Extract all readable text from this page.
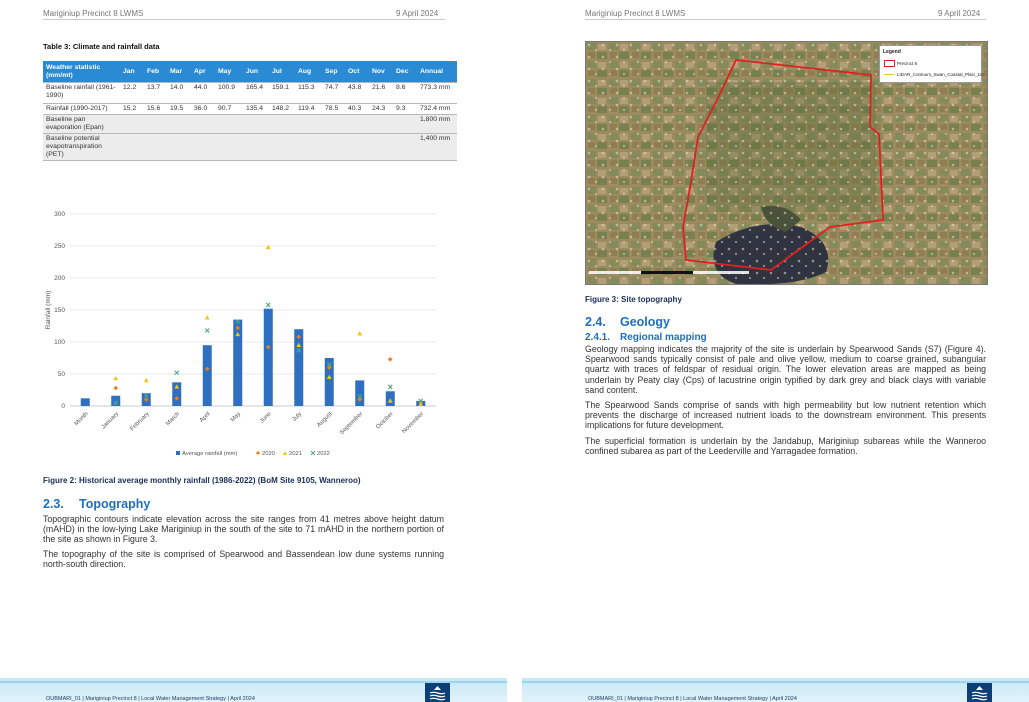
Mariginiup Precinct 8 LWMS	9 April 2024
Table 3: Climate and rainfall data
Weather statistic (mm/mt)	Jan	Feb	Mar	Apr	May	Jun	Jul	Aug	Sep	Oct	Nov	Dec	Annual
Baseline rainfall (1961-1990)	12.2	13.7	14.0	44.0	100.9	165.4	159.1	115.3	74.7	43.8	21.6	8.6	773.3 mm
Rainfall (1990-2017)	15.2	15.6	19.5	36.0	90.7	135.4	148.2	119.4	78.5	40.3	24.3	9.3	732.4 mm
Baseline pan evaporation (Epan)													1,800 mm
Baseline potential evapotranspiration (PET)													1,400 mm
0
50
100
150
200
250
300
Rainfall (mm)
Month January February March	April	May	June	July August September October November
Average rainfall (mm)	2020 2021	2022
Figure 2: Historical average monthly rainfall (1986-2022) (BoM Site 9105, Wanneroo)
2.3. Topography
Topographic contours indicate elevation across the site ranges from 41 metres above height datum (mAHD) in the low-lying Lake Mariginiup in the south of the site to 71 mAHD in the northern portion of the site as shown in Figure 3.
The topography of the site is comprised of Spearwood and Bassendean low dune systems running north-south direction.
OUBMARI_01 | Mariginiup Precinct 8 | Local Water Management Strategy | April 2024
Mariginiup Precinct 8 LWMS	9 April 2024
OUBMARI_01 | Mariginiup Precinct 8 | Local Water Management Strategy | April 2024
Legend
Precinct 8
LIDAR_Contours_Swan_Coastal_Plain_1m
Figure 3: Site topography
2.4. Geology
2.4.1. Regional mapping
Geology mapping indicates the majority of the site is underlain by Spearwood Sands (S7) (Figure 4). Spearwood sands typically consist of pale and olive yellow, medium to coarse grained, subangular quartz with traces of feldspar of residual origin. The lower elevation areas are mapped as being underlain by Peaty clay (Cps) of lacustrine origin typified by dark grey and black clays with variable sand content.
The Spearwood Sands comprise of sands with high permeability but low nutrient retention which prevents the discharge of increased nutrient loads to the downstream environment. This presents implications for future development.
The superficial formation is underlain by the Jandabup, Mariginiup subareas while the Wanneroo confined subarea as part of the Leederville and Yarragadee formation.
